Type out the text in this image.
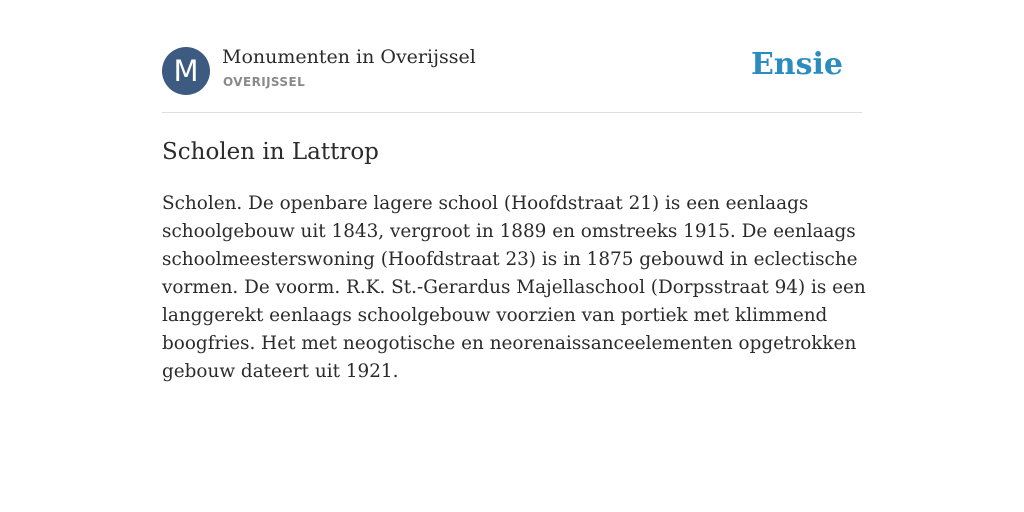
M	Monumenten in Overijssel
OVERIJSSEL	Ensie
Scholen in Lattrop

Scholen. De openbare lagere school (Hoofdstraat 21) is een eenlaags schoolgebouw uit 1843, vergroot in 1889 en omstreeks 1915. De eenlaags schoolmeesterswoning (Hoofdstraat 23) is in 1875 gebouwd in eclectische vormen. De voorm. R.K. St.-Gerardus Majellaschool (Dorpsstraat 94) is een langgerekt eenlaags schoolgebouw voorzien van portiek met klimmend boogfries. Het met neogotische en neorenaissanceelementen opgetrokken gebouw dateert uit 1921.
